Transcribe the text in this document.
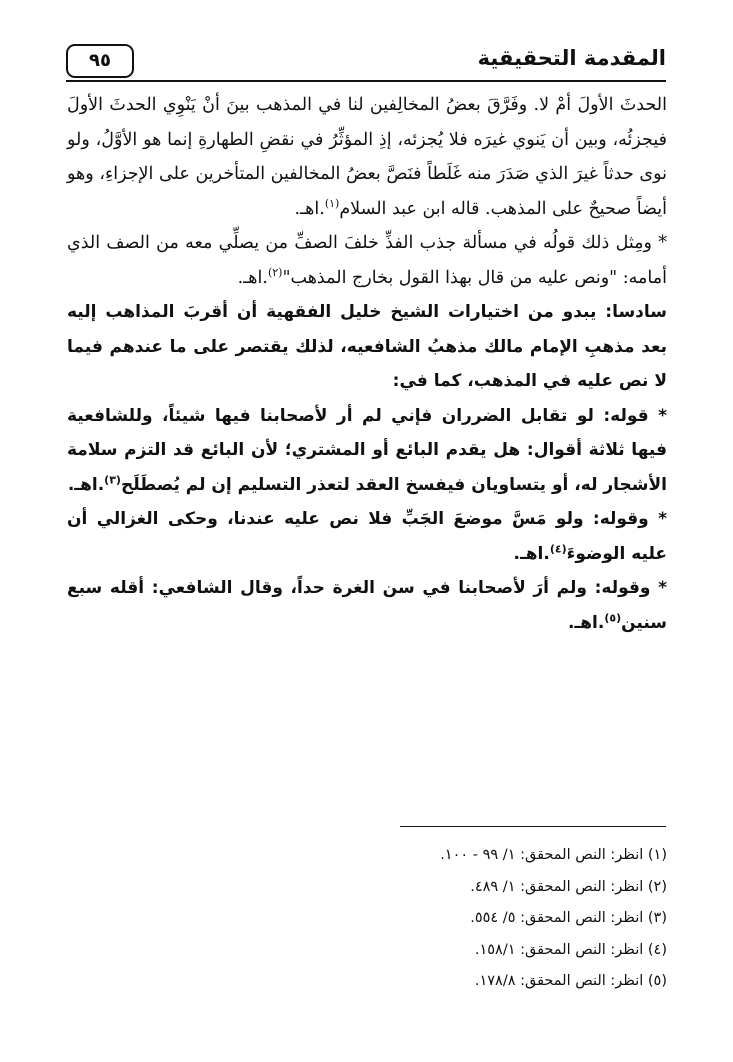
المقدمة التحقيقية
٩٥

الحدثَ الأولَ أمْ لا. وفَرَّقَ بعضُ المخالِفين لنا في المذهب بينَ أنْ يَنْوِي الحدثَ الأولَ فيجزئُه، وبين أن يَنوي غيرَه فلا يُجزئه، إذِ المؤثِّرُ في نقضِ الطهارةِ إنما هو الأوَّلُ، ولو نوى حدثاً غيرَ الذي صَدَرَ منه غَلَطاً فنَصَّ بعضُ المخالفين المتأخرين على الإجزاءِ، وهو أيضاً صحيحٌ على المذهب. قاله ابن عبد السلام$^{(١)}$.اهـ.

* ومِثل ذلك قولُه في مسألة جذب الفذِّ خلفَ الصفِّ من يصلِّي معه من الصف الذي أمامه: "ونص عليه من قال بهذا القول بخارج المذهب"$^{(٢)}$.اهـ.

سادسا: يبدو من اختيارات الشيخ خليل الفقهية أن أقربَ المذاهب إليه بعد مذهبِ الإمام مالك مذهبُ الشافعيه، لذلك يقتصر على ما عندهم فيما لا نص عليه في المذهب، كما في:

* قوله: لو تقابل الضرران فإني لم أر لأصحابنا فيها شيئاً، وللشافعية فيها ثلاثة أقوال: هل يقدم البائع أو المشتري؛ لأن البائع قد التزم سلامة الأشجار له، أو يتساويان فيفسخ العقد لتعذر التسليم إن لم يُصطَلَح$^{(٣)}$.اهـ.

* وقوله: ولو مَسَّ موضعَ الجَبِّ فلا نص عليه عندنا، وحكى الغزالي أن عليه الوضوءَ$^{(٤)}$.اهـ.

* وقوله: ولم أرَ لأصحابنا في سن الغرة حداً، وقال الشافعي: أقله سبع سنين$^{(٥)}$.اهـ.

(١) انظر: النص المحقق: ١/ ٩٩ - ١٠٠.
(٢) انظر: النص المحقق: ١/ ٤٨٩.
(٣) انظر: النص المحقق: ٥/ ٥٥٤.
(٤) انظر: النص المحقق: ١٥٨/١.
(٥) انظر: النص المحقق: ١٧٨/٨.
